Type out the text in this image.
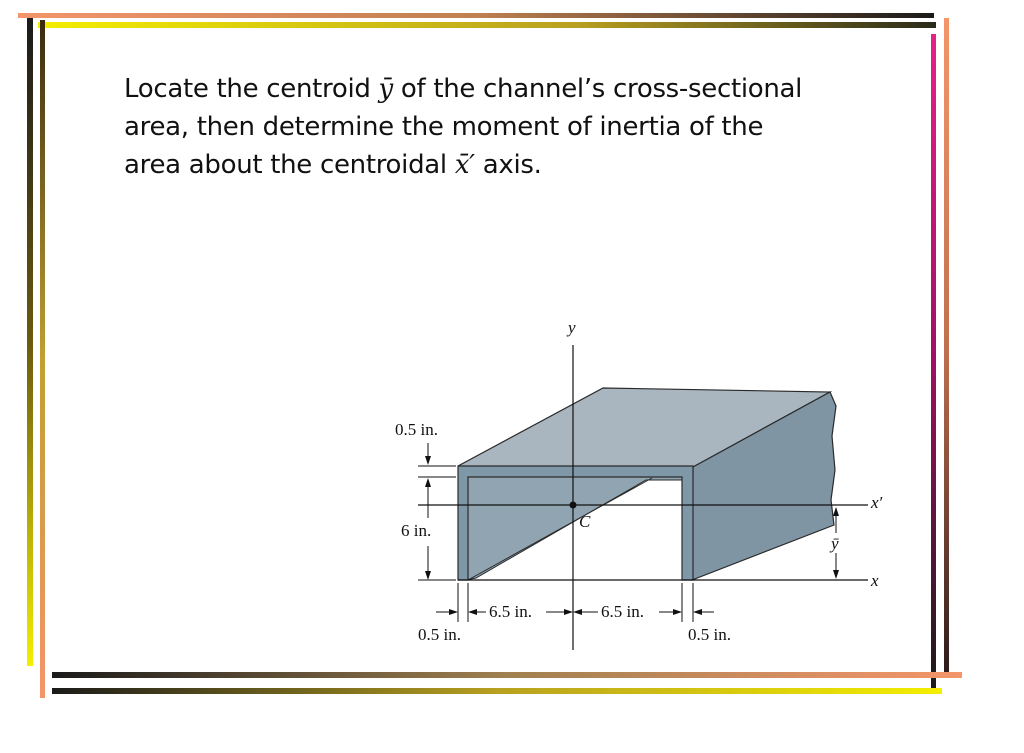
Locate the centroid ȳ of the channel’s cross-sectional
area, then determine the moment of inertia of the
area about the centroidal x̄′ axis.
y
x′
x
C
ȳ
0.5 in.
6 in.
6.5 in.	6.5 in.
0.5 in.	0.5 in.
